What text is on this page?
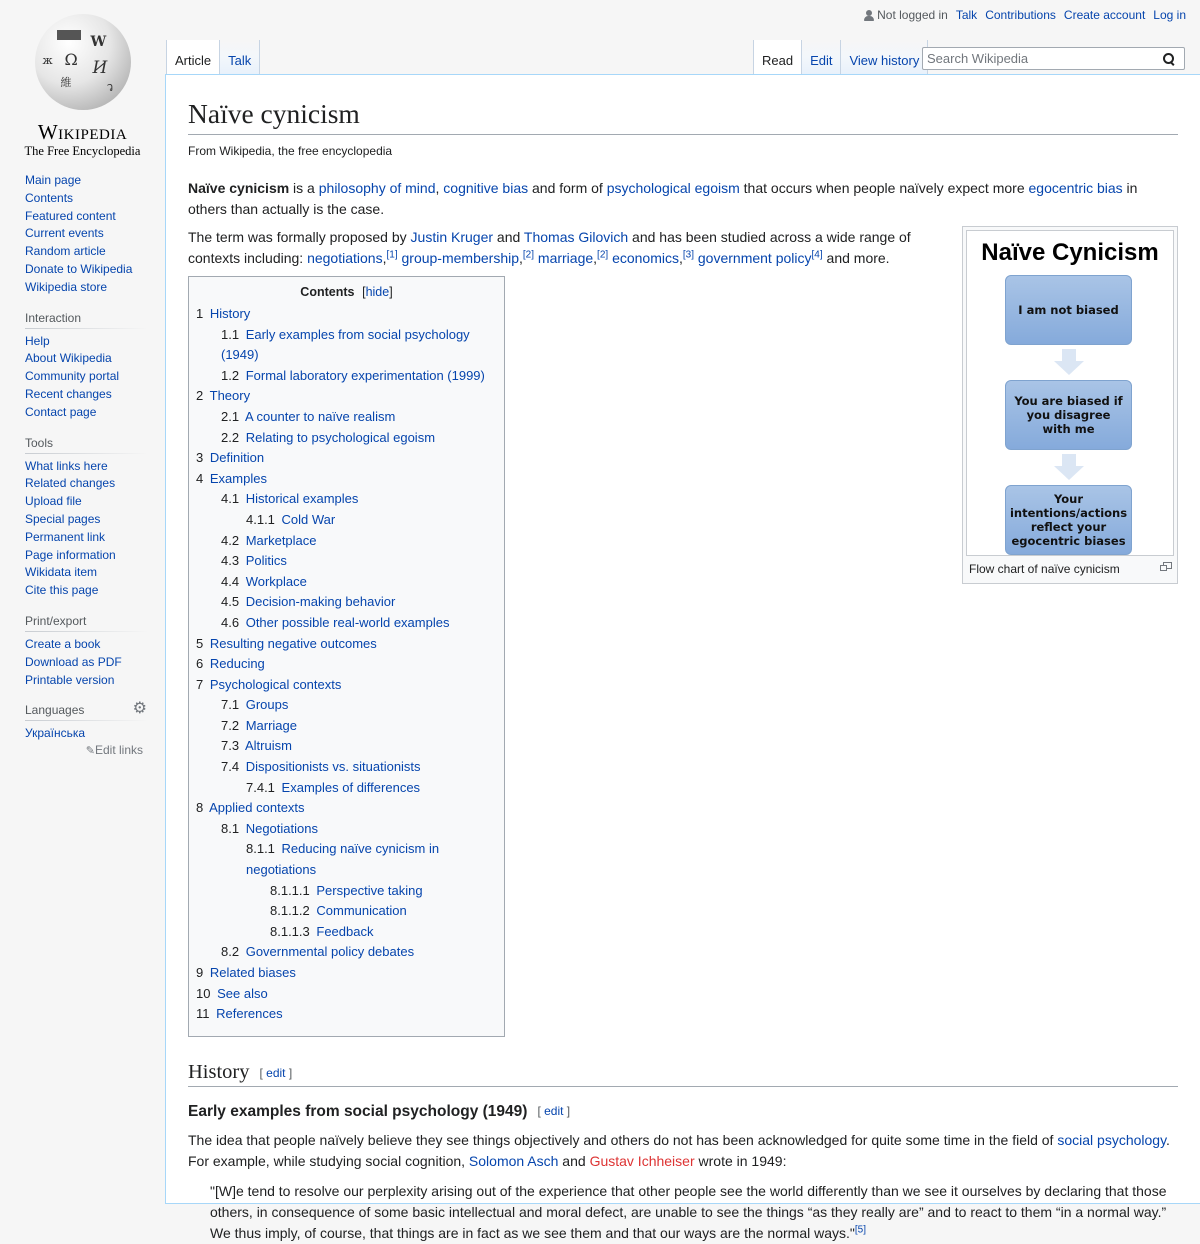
Not logged in Talk Contributions Create account Log in
Ω
W
И
維	ว
ж
Wikipedia
The Free Encyclopedia
Main page
Contents
Featured content
Current events
Random article
Donate to Wikipedia
Wikipedia store
Interaction
Help
About Wikipedia
Community portal
Recent changes
Contact page
Tools
What links here
Related changes
Upload file
Special pages
Permanent link
Page information
Wikidata item
Cite this page
Print/export
Create a book
Download as PDF
Printable version
Languages	⚙
Українська
✎Edit links
Article	Talk	Read	Edit	View history
Search Wikipedia
Naïve cynicism
From Wikipedia, the free encyclopedia

Naïve cynicism is a philosophy of mind, cognitive bias and form of psychological egoism that occurs when people naïvely expect more egocentric bias in others than actually is the case.

Naïve Cynicism
I am not biased
You are biased if you disagree with me
Your intentions/actions reflect your egocentric biases
Flow chart of naïve cynicism

The term was formally proposed by Justin Kruger and Thomas Gilovich and has been studied across a wide range of contexts including: negotiations,[1] group-membership,[2] marriage,[2] economics,[3] government policy[4] and more.

Contents [hide]
1 History
1.1 Early examples from social psychology (1949)
1.2 Formal laboratory experimentation (1999)
2 Theory
2.1 A counter to naïve realism
2.2 Relating to psychological egoism
3 Definition
4 Examples
4.1 Historical examples
4.1.1 Cold War
4.2 Marketplace
4.3 Politics
4.4 Workplace
4.5 Decision-making behavior
4.6 Other possible real-world examples
5 Resulting negative outcomes
6 Reducing
7 Psychological contexts
7.1 Groups
7.2 Marriage
7.3 Altruism
7.4 Dispositionists vs. situationists
7.4.1 Examples of differences
8 Applied contexts
8.1 Negotiations
8.1.1 Reducing naïve cynicism in negotiations
8.1.1.1 Perspective taking
8.1.1.2 Communication
8.1.1.3 Feedback
8.2 Governmental policy debates
9 Related biases
10 See also
11 References
History [ edit ]
Early examples from social psychology (1949) [ edit ]

The idea that people naïvely believe they see things objectively and others do not has been acknowledged for quite some time in the field of social psychology. For example, while studying social cognition, Solomon Asch and Gustav Ichheiser wrote in 1949:

"[W]e tend to resolve our perplexity arising out of the experience that other people see the world differently than we see it ourselves by declaring that those others, in consequence of some basic intellectual and moral defect, are unable to see the things “as they really are” and to react to them “in a normal way.” We thus imply, of course, that things are in fact as we see them and that our ways are the normal ways."[5]
